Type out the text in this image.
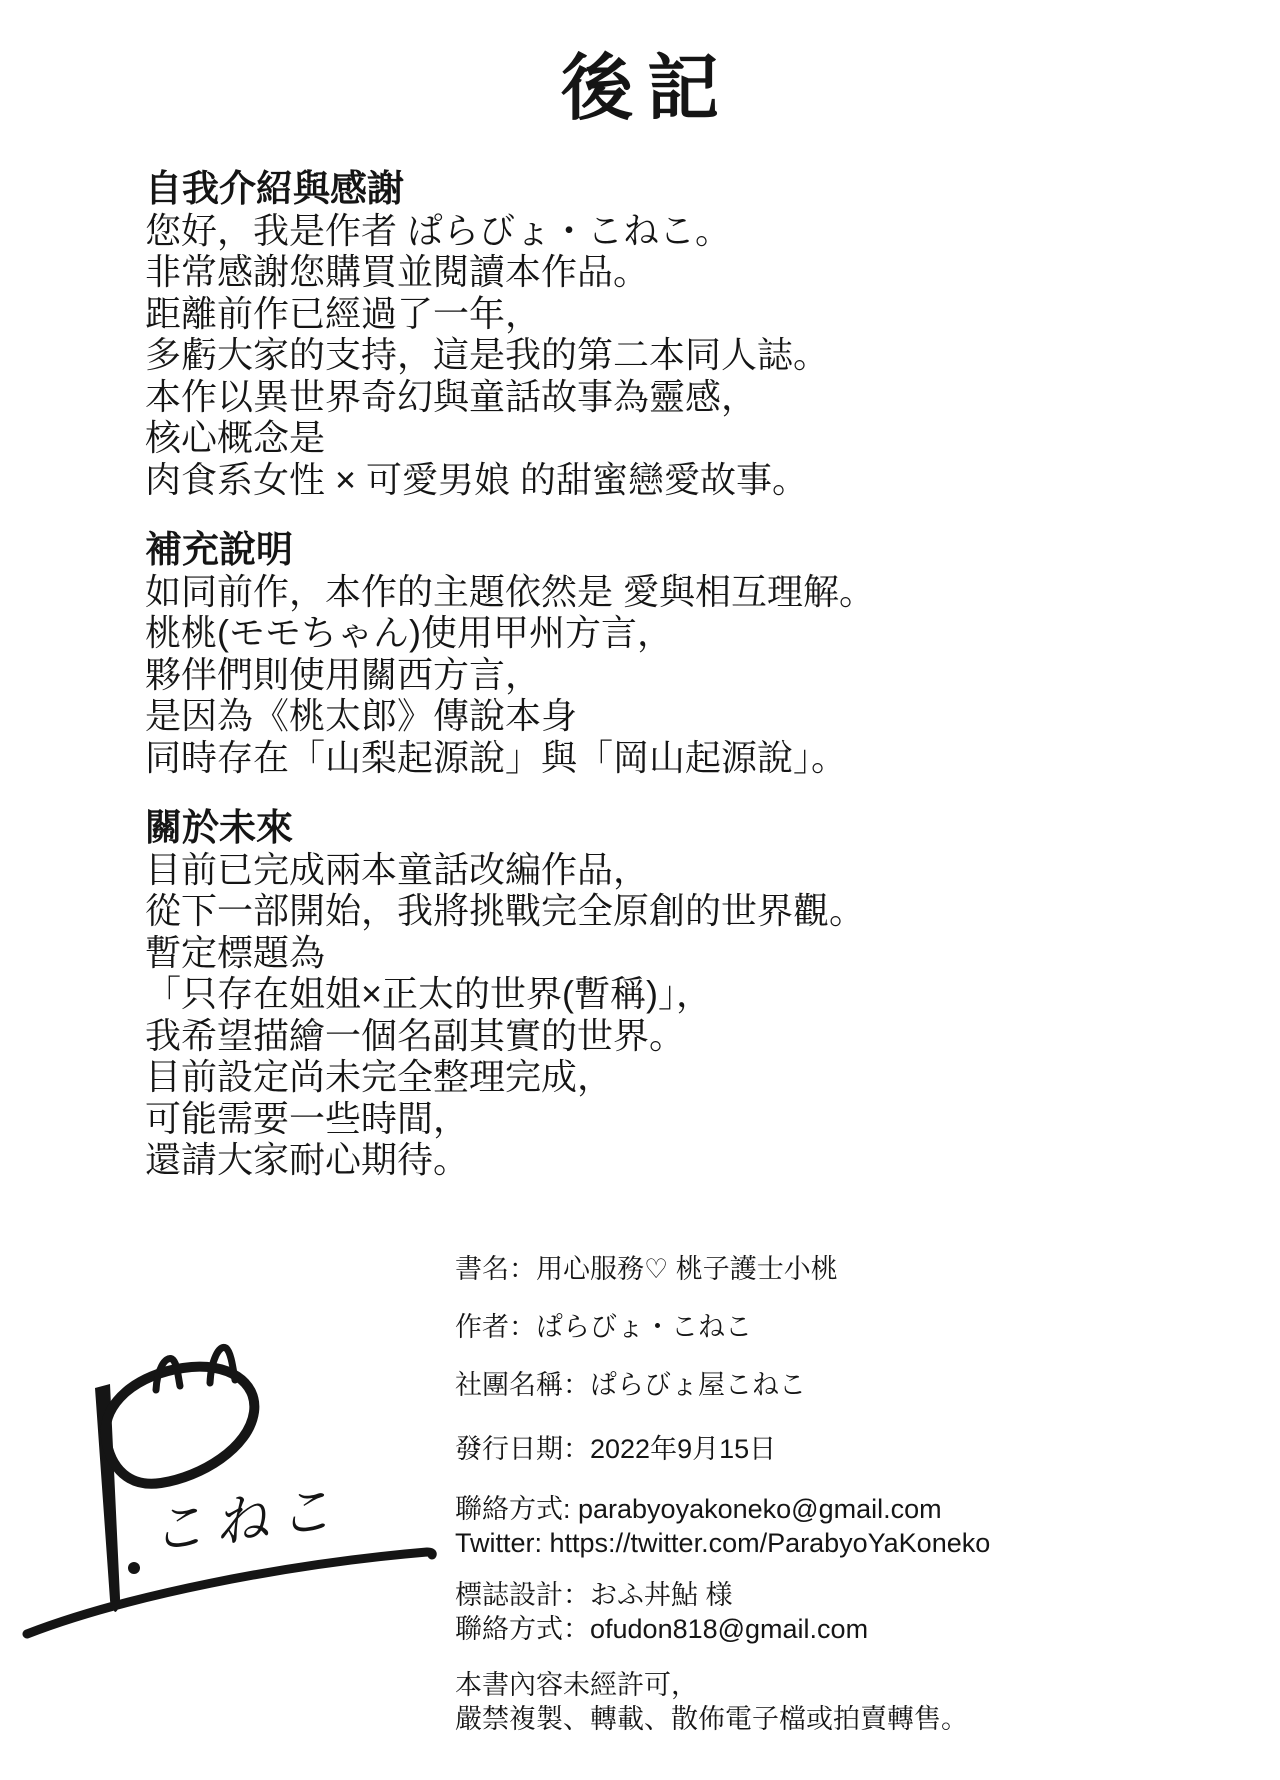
後記
自我介紹與感謝

您好，我是作者 ぱらびょ・こねこ。

非常感謝您購買並閱讀本作品。

距離前作已經過了一年，

多虧大家的支持，這是我的第二本同人誌。

本作以異世界奇幻與童話故事為靈感，

核心概念是

肉食系女性 × 可愛男娘 的甜蜜戀愛故事。

補充說明

如同前作，本作的主題依然是 愛與相互理解。

桃桃(モモちゃん)使用甲州方言，

夥伴們則使用關西方言，

是因為《桃太郎》傳說本身

同時存在「山梨起源說」與「岡山起源說」。

關於未來

目前已完成兩本童話改編作品，

從下一部開始，我將挑戰完全原創的世界觀。

暫定標題為

「只存在姐姐×正太的世界(暫稱)」，

我希望描繪一個名副其實的世界。

目前設定尚未完全整理完成，

可能需要一些時間，

還請大家耐心期待。

書名：用心服務♡ 桃子護士小桃

作者：ぱらびょ・こねこ

社團名稱：ぱらびょ屋こねこ

發行日期：2022年9月15日

聯絡方式: parabyoyakoneko@gmail.com

Twitter: https://twitter.com/ParabyoYaKoneko

標誌設計：おふ丼鮎 様

聯絡方式：ofudon818@gmail.com

本書內容未經許可，

嚴禁複製、轉載、散佈電子檔或拍賣轉售。

こねこ
